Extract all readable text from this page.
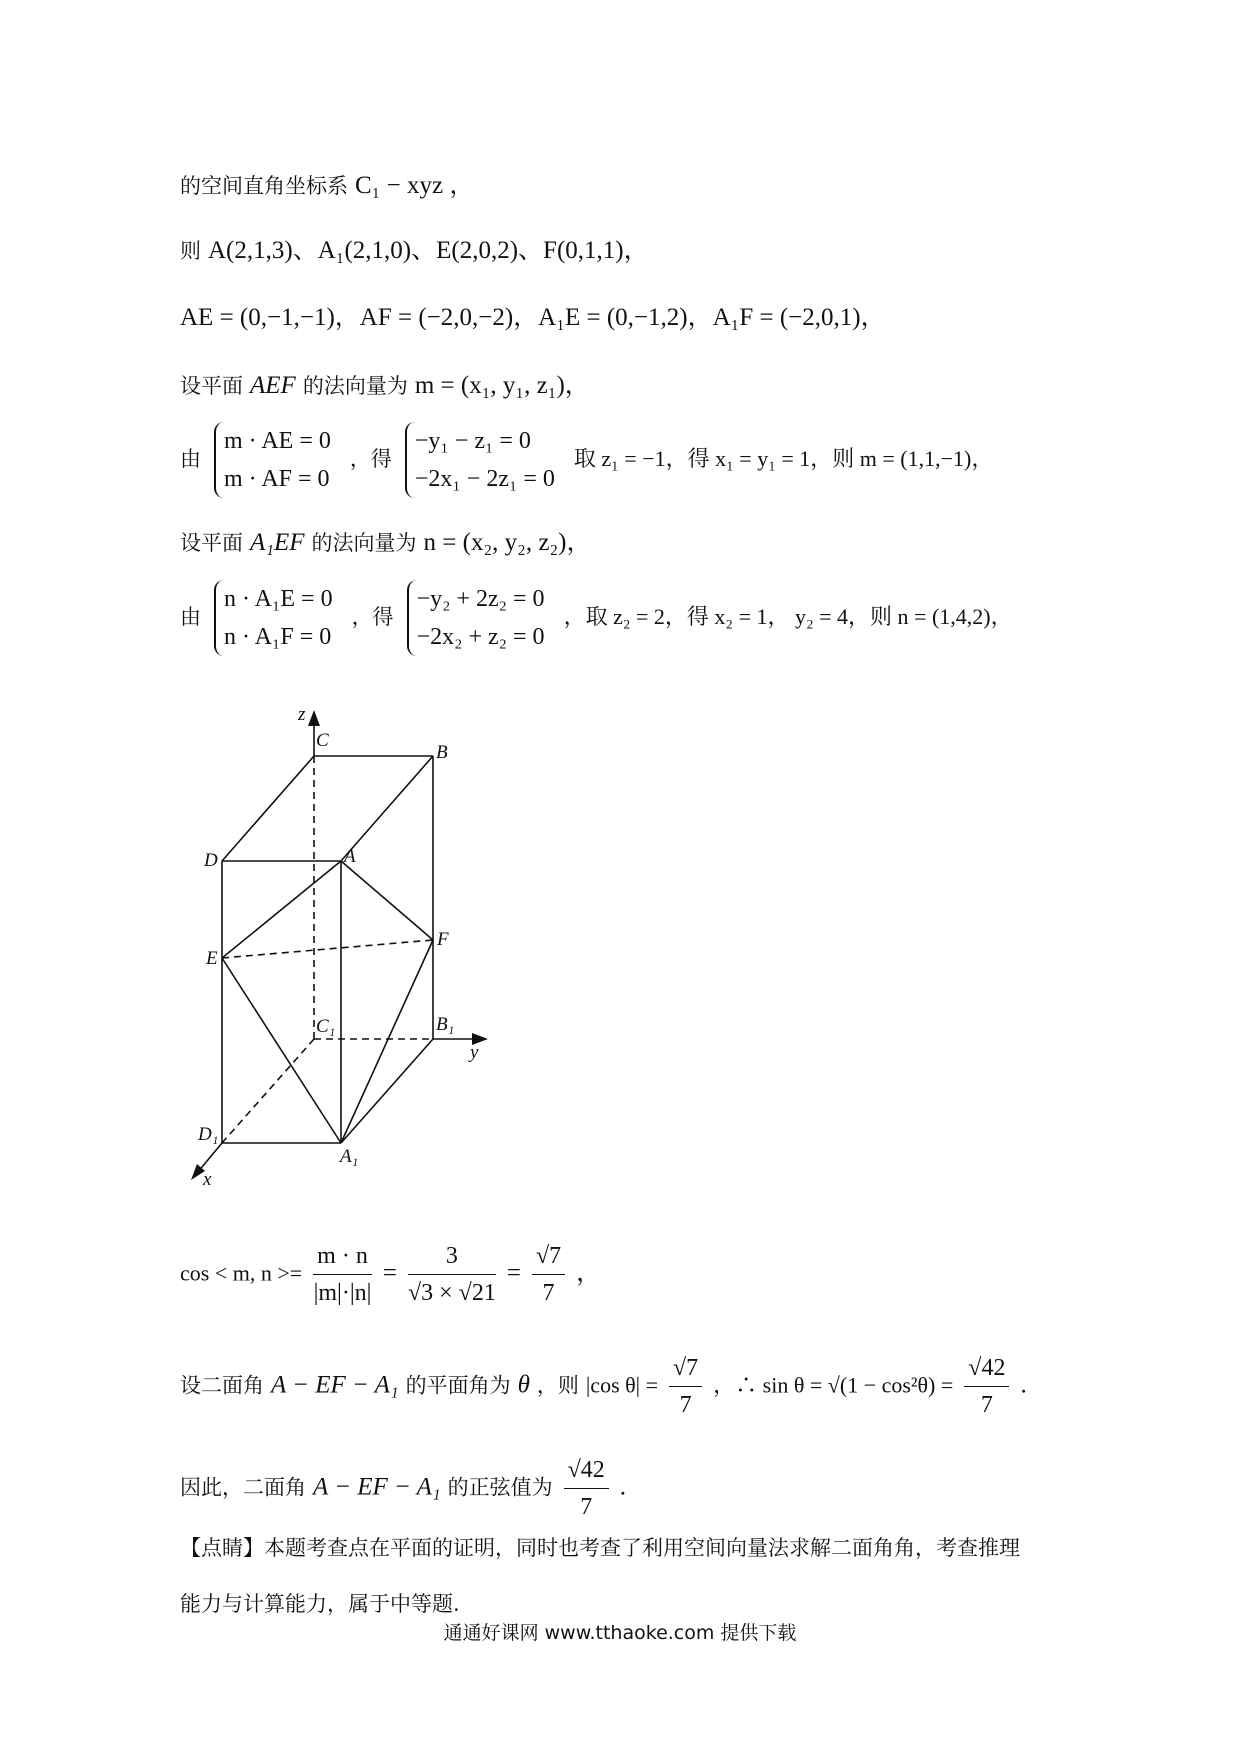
的空间直角坐标系 C₁ − xyz ，
则 A(2,1,3)、A₁(2,1,0)、E(2,0,2)、F(0,1,1)，
AE = (0,−1,−1)，AF = (−2,0,−2)，A₁E = (0,−1,2)，A₁F = (−2,0,1)，
设平面 AEF 的法向量为 m = (x₁, y₁, z₁)，
由
m · AE = 0
m · AF = 0
，得
−y₁ − z₁ = 0
−2x₁ − 2z₁ = 0
取 z₁ = −1，得 x₁ = y₁ = 1，则 m = (1,1,−1)，
设平面 A₁EF 的法向量为 n = (x₂, y₂, z₂)，
由
n · A₁E = 0
n · A₁F = 0
，得
−y₂ + 2z₂ = 0
−2x₂ + z₂ = 0
，取 z₂ = 2，得 x₂ = 1， y₂ = 4，则 n = (1,4,2)，
z
C
B
D	A
E
F
C₁	B₁
y
D₁
A₁
x
cos < m, $n >= \frac{m \cdot n}{|m|\cdot|n|} = \frac{3}{√3 \times √21} = \frac{√7}{7}$ ，
设二面角 A − EF − A₁ 的平面角为 θ ，则 |cos $\theta| = \frac{√7}{7}$ ，∴ $\sin \theta = √(1 - \cos^2\theta) = \frac{√42}{7}$ .
因此，二面角 A − EF − A₁ 的正弦值为 $\frac{√42}{7}$ .
【点睛】本题考查点在平面的证明，同时也考查了利用空间向量法求解二面角角，考查推理
能力与计算能力，属于中等题.
通通好课网 www.tthaoke.com 提供下载
